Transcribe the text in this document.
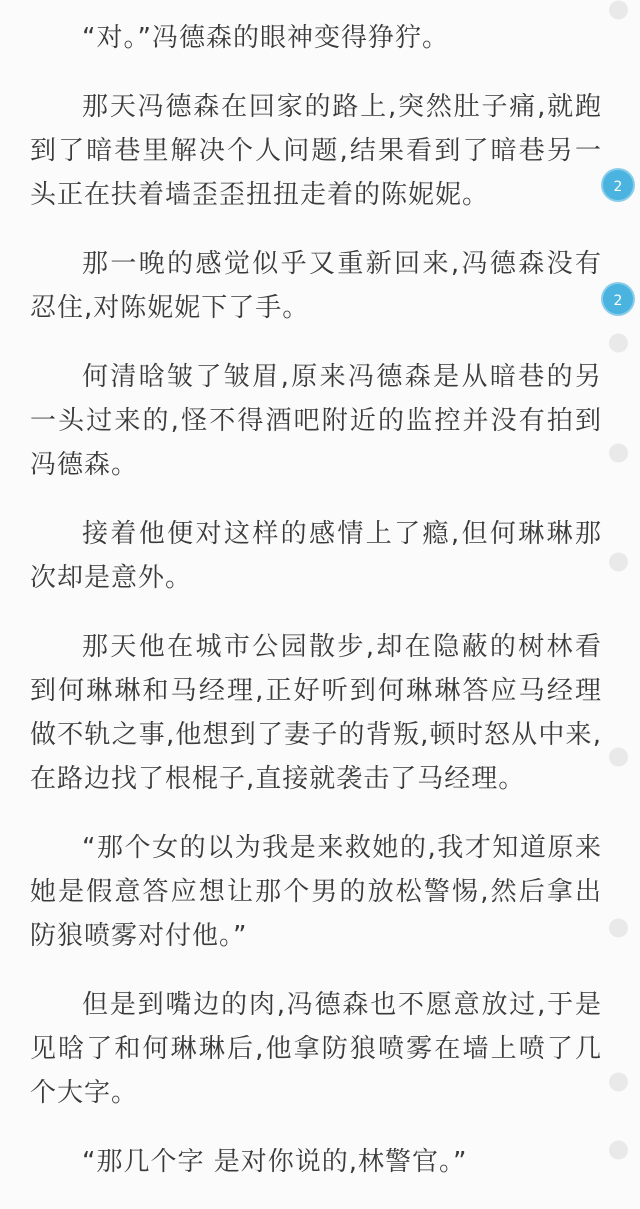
“对。”冯德森的眼神变得狰狞。

那天冯德森在回家的路上,突然肚子痛,就跑到了暗巷里解决个人问题,结果看到了暗巷另一头正在扶着墙歪歪扭扭走着的陈妮妮。

那一晚的感觉似乎又重新回来,冯德森没有忍住,对陈妮妮下了手。

何清晗皱了皱眉,原来冯德森是从暗巷的另一头过来的,怪不得酒吧附近的监控并没有拍到冯德森。

接着他便对这样的感情上了瘾,但何琳琳那次却是意外。

那天他在城市公园散步,却在隐蔽的树林看到何琳琳和马经理,正好听到何琳琳答应马经理做不轨之事,他想到了妻子的背叛,顿时怒从中来,在路边找了根棍子,直接就袭击了马经理。

“那个女的以为我是来救她的,我才知道原来她是假意答应想让那个男的放松警惕,然后拿出防狼喷雾对付他。”

但是到嘴边的肉,冯德森也不愿意放过,于是见晗了和何琳琳后,他拿防狼喷雾在墙上喷了几个大字。

“那几个字 是对你说的,林警官。”

2
2
